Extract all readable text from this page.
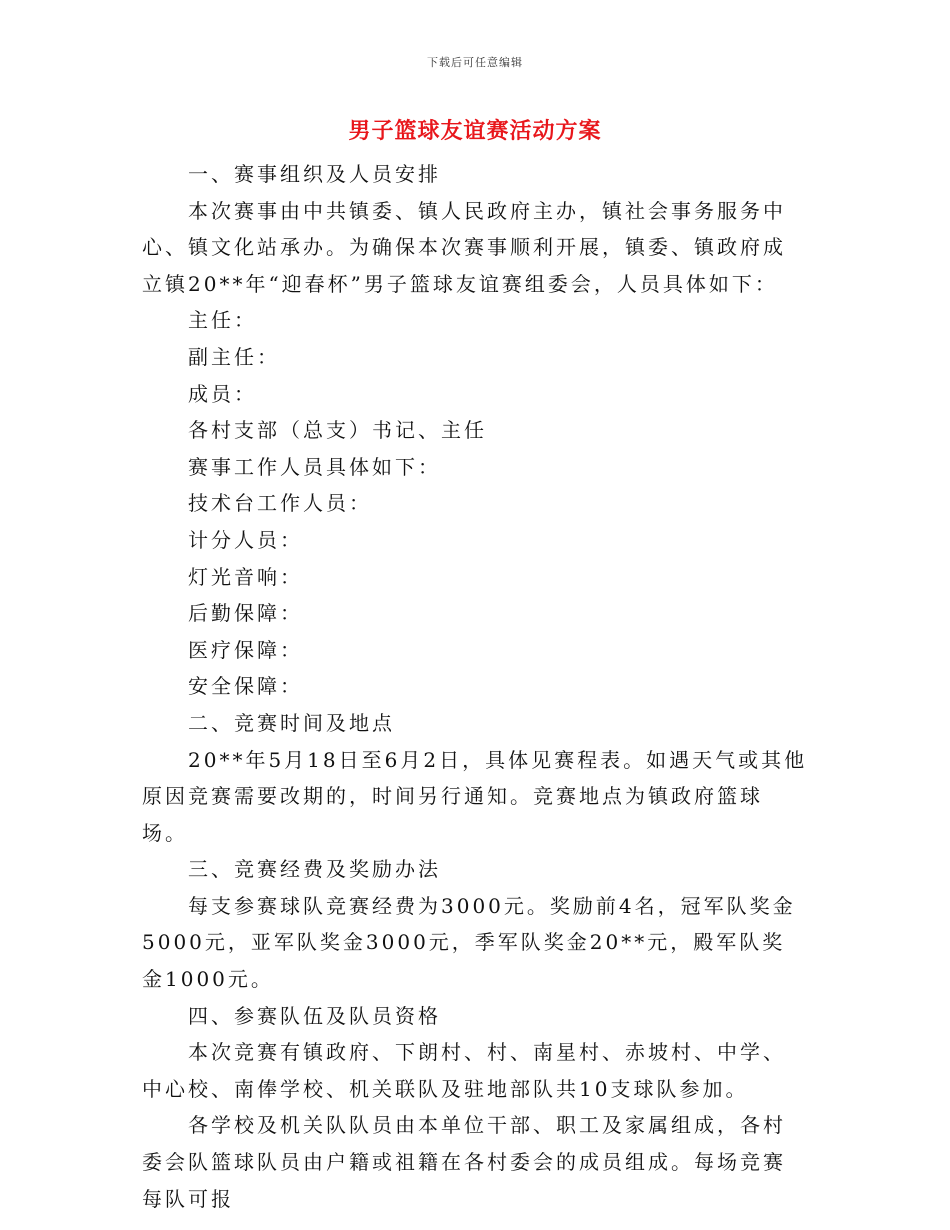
下载后可任意编辑
男子篮球友谊赛活动方案

一、赛事组织及人员安排

本次赛事由中共镇委、镇人民政府主办，镇社会事务服务中心、镇文化站承办。为确保本次赛事顺利开展，镇委、镇政府成立镇20**年“迎春杯”男子篮球友谊赛组委会，人员具体如下：

主任：

副主任：

成员：

各村支部（总支）书记、主任

赛事工作人员具体如下：

技术台工作人员：

计分人员：

灯光音响：

后勤保障：

医疗保障：

安全保障：

二、竞赛时间及地点

20**年5月18日至6月2日，具体见赛程表。如遇天气或其他原因竞赛需要改期的，时间另行通知。竞赛地点为镇政府篮球场。

三、竞赛经费及奖励办法

每支参赛球队竞赛经费为3000元。奖励前4名，冠军队奖金5000元，亚军队奖金3000元，季军队奖金20**元，殿军队奖金1000元。

四、参赛队伍及队员资格

本次竞赛有镇政府、下朗村、村、南星村、赤坡村、中学、中心校、南俸学校、机关联队及驻地部队共10支球队参加。

各学校及机关队队员由本单位干部、职工及家属组成，各村委会队篮球队员由户籍或祖籍在各村委会的成员组成。每场竞赛每队可报
